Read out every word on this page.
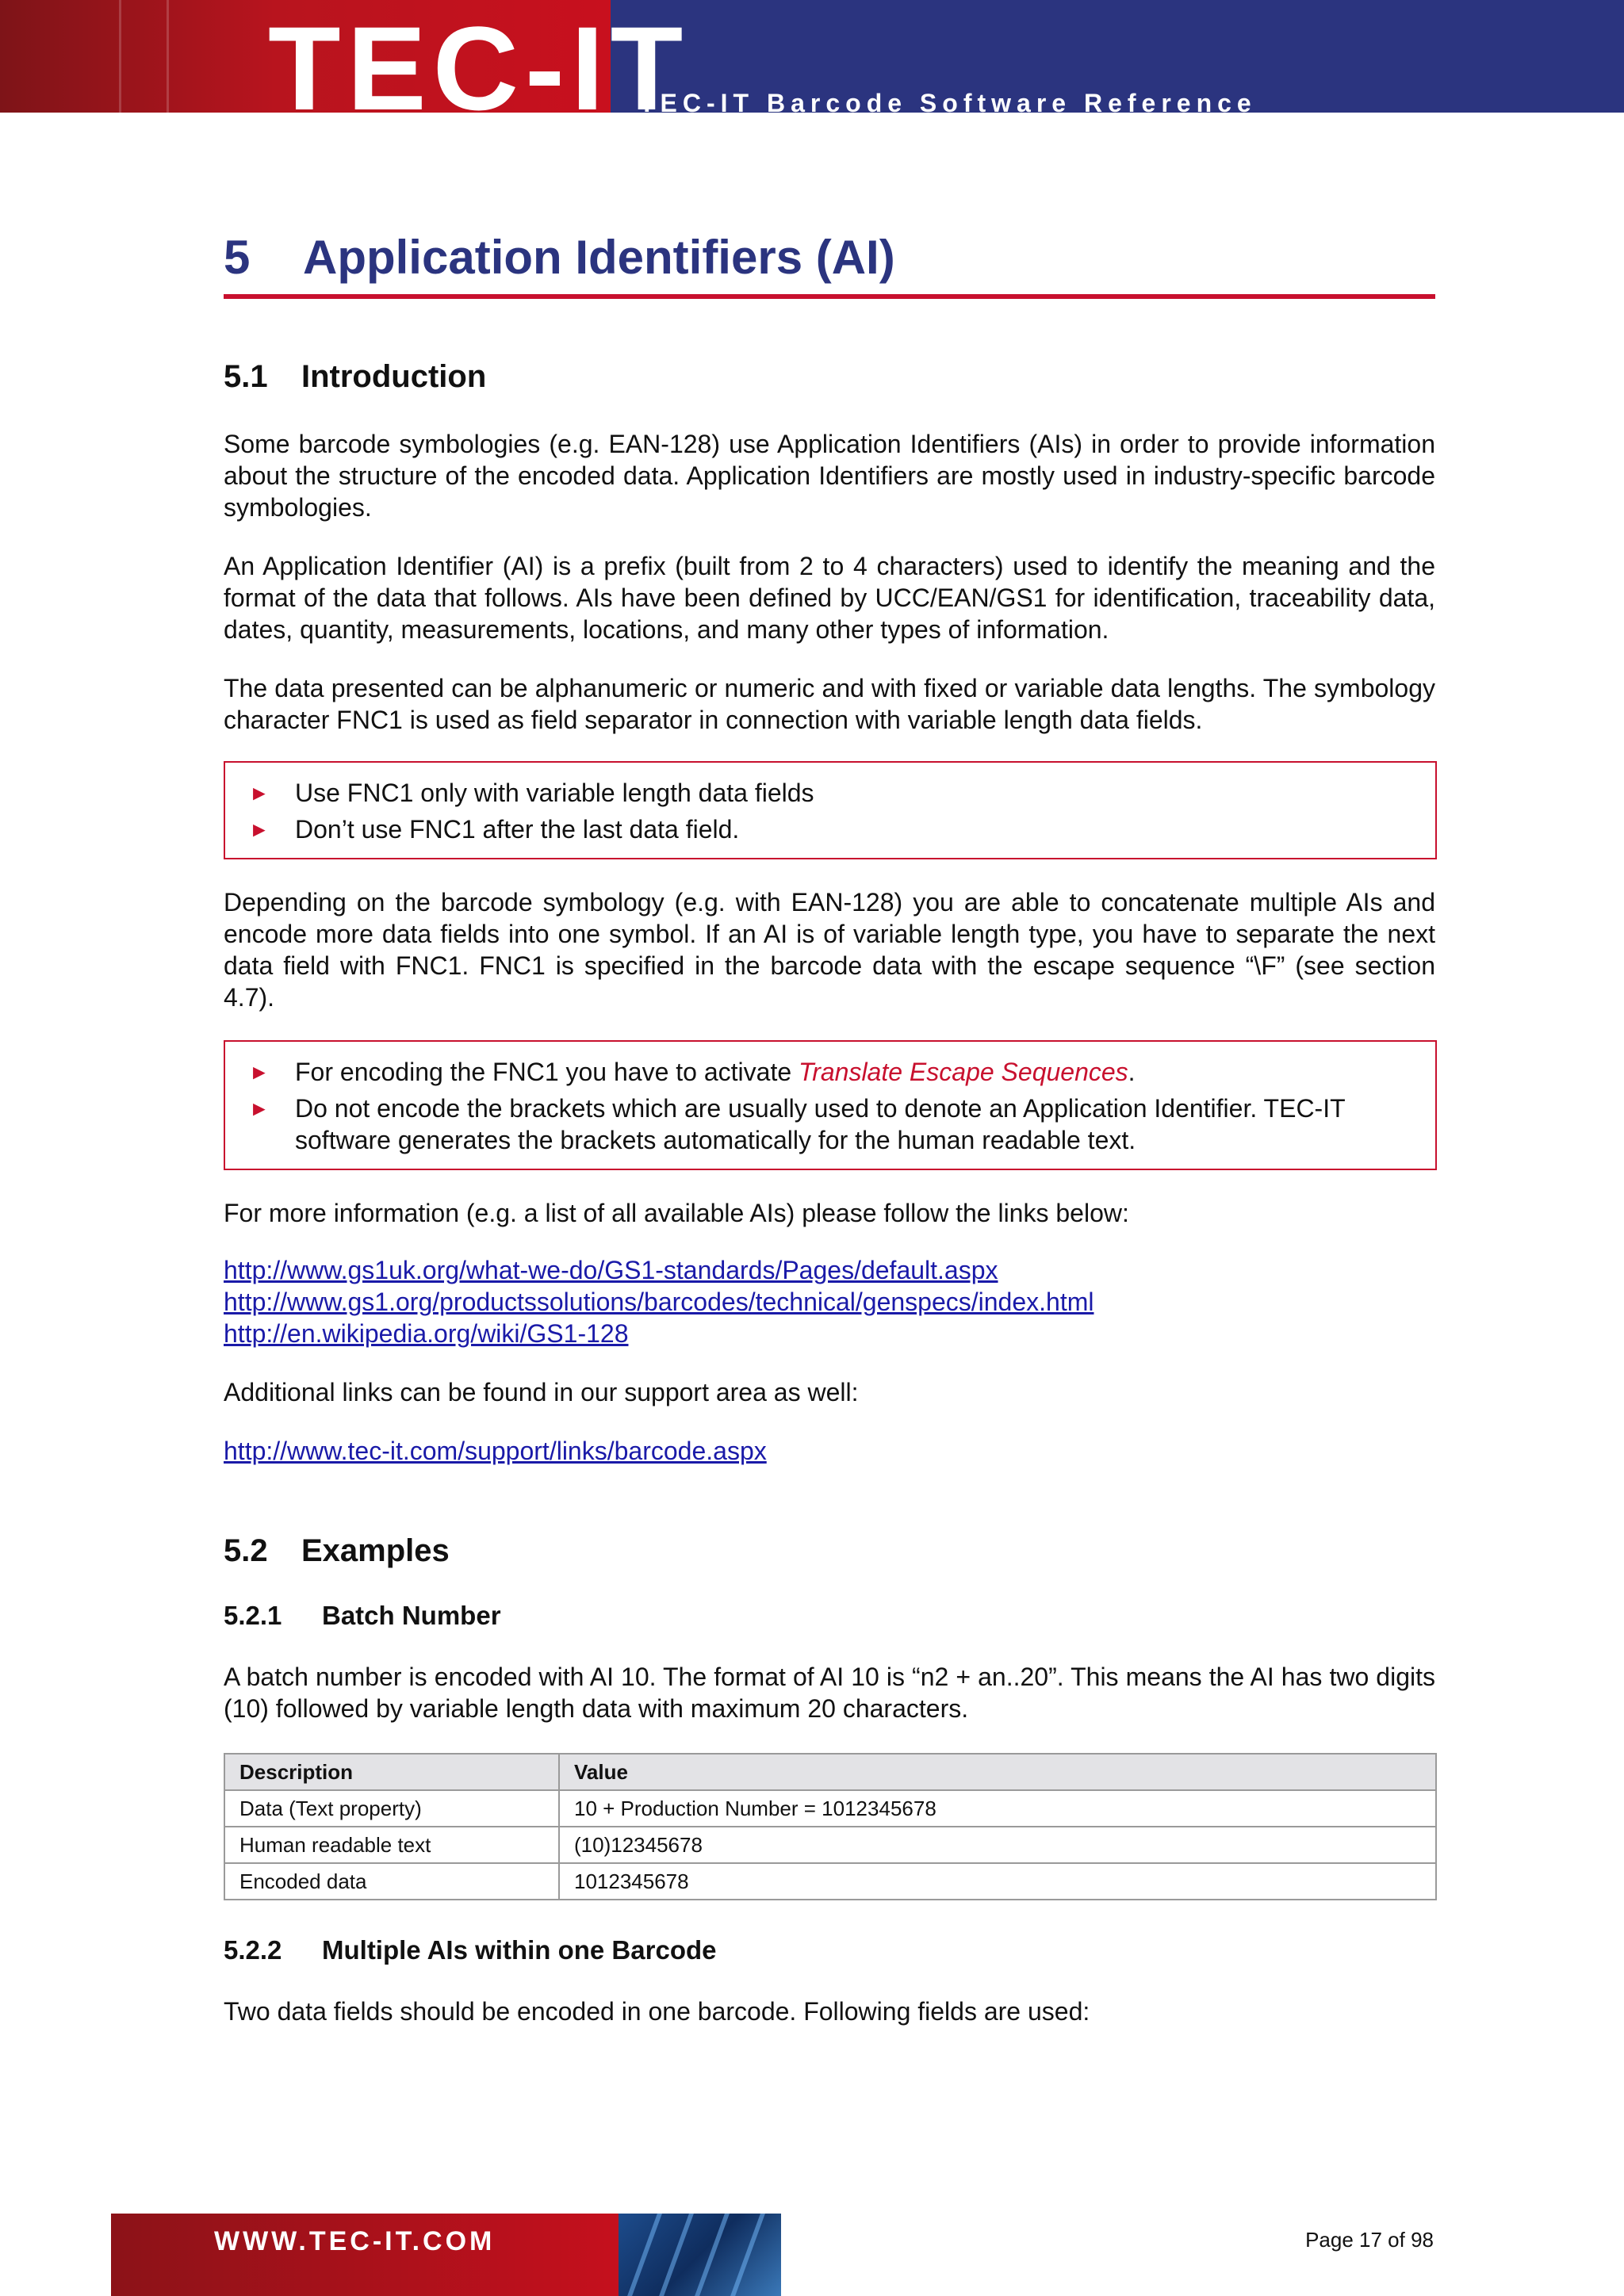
TEC-IT
TEC-IT Barcode Software Reference
5	Application Identifiers (AI)
5.1	Introduction

Some barcode symbologies (e.g. EAN-128) use Application Identifiers (AIs) in order to provide information about the structure of the encoded data. Application Identifiers are mostly used in industry-specific barcode symbologies.

An Application Identifier (AI) is a prefix (built from 2 to 4 characters) used to identify the meaning and the format of the data that follows. AIs have been defined by UCC/EAN/GS1 for identification, traceability data, dates, quantity, measurements, locations, and many other types of information.

The data presented can be alphanumeric or numeric and with fixed or variable data lengths. The symbology character FNC1 is used as field separator in connection with variable length data fields.

►	Use FNC1 only with variable length data fields
►	Don’t use FNC1 after the last data field.

Depending on the barcode symbology (e.g. with EAN-128) you are able to concatenate multiple AIs and encode more data fields into one symbol. If an AI is of variable length type, you have to separate the next data field with FNC1. FNC1 is specified in the barcode data with the escape sequence “\F” (see section 4.7).

►	For encoding the FNC1 you have to activate Translate Escape Sequences.
►	Do not encode the brackets which are usually used to denote an Application Identifier. TEC-IT software generates the brackets automatically for the human readable text.

For more information (e.g. a list of all available AIs) please follow the links below:

http://www.gs1uk.org/what-we-do/GS1-standards/Pages/default.aspx
http://www.gs1.org/productssolutions/barcodes/technical/genspecs/index.html
http://en.wikipedia.org/wiki/GS1-128

Additional links can be found in our support area as well:

http://www.tec-it.com/support/links/barcode.aspx
5.2	Examples
5.2.1	Batch Number

A batch number is encoded with AI 10. The format of AI 10 is “n2 + an..20”. This means the AI has two digits (10) followed by variable length data with maximum 20 characters.

Description	Value
Data (Text property)	10 + Production Number = 1012345678
Human readable text	(10)12345678
Encoded data	1012345678
5.2.2	Multiple AIs within one Barcode

Two data fields should be encoded in one barcode. Following fields are used:

WWW.TEC-IT.COM	Page 17 of 98
